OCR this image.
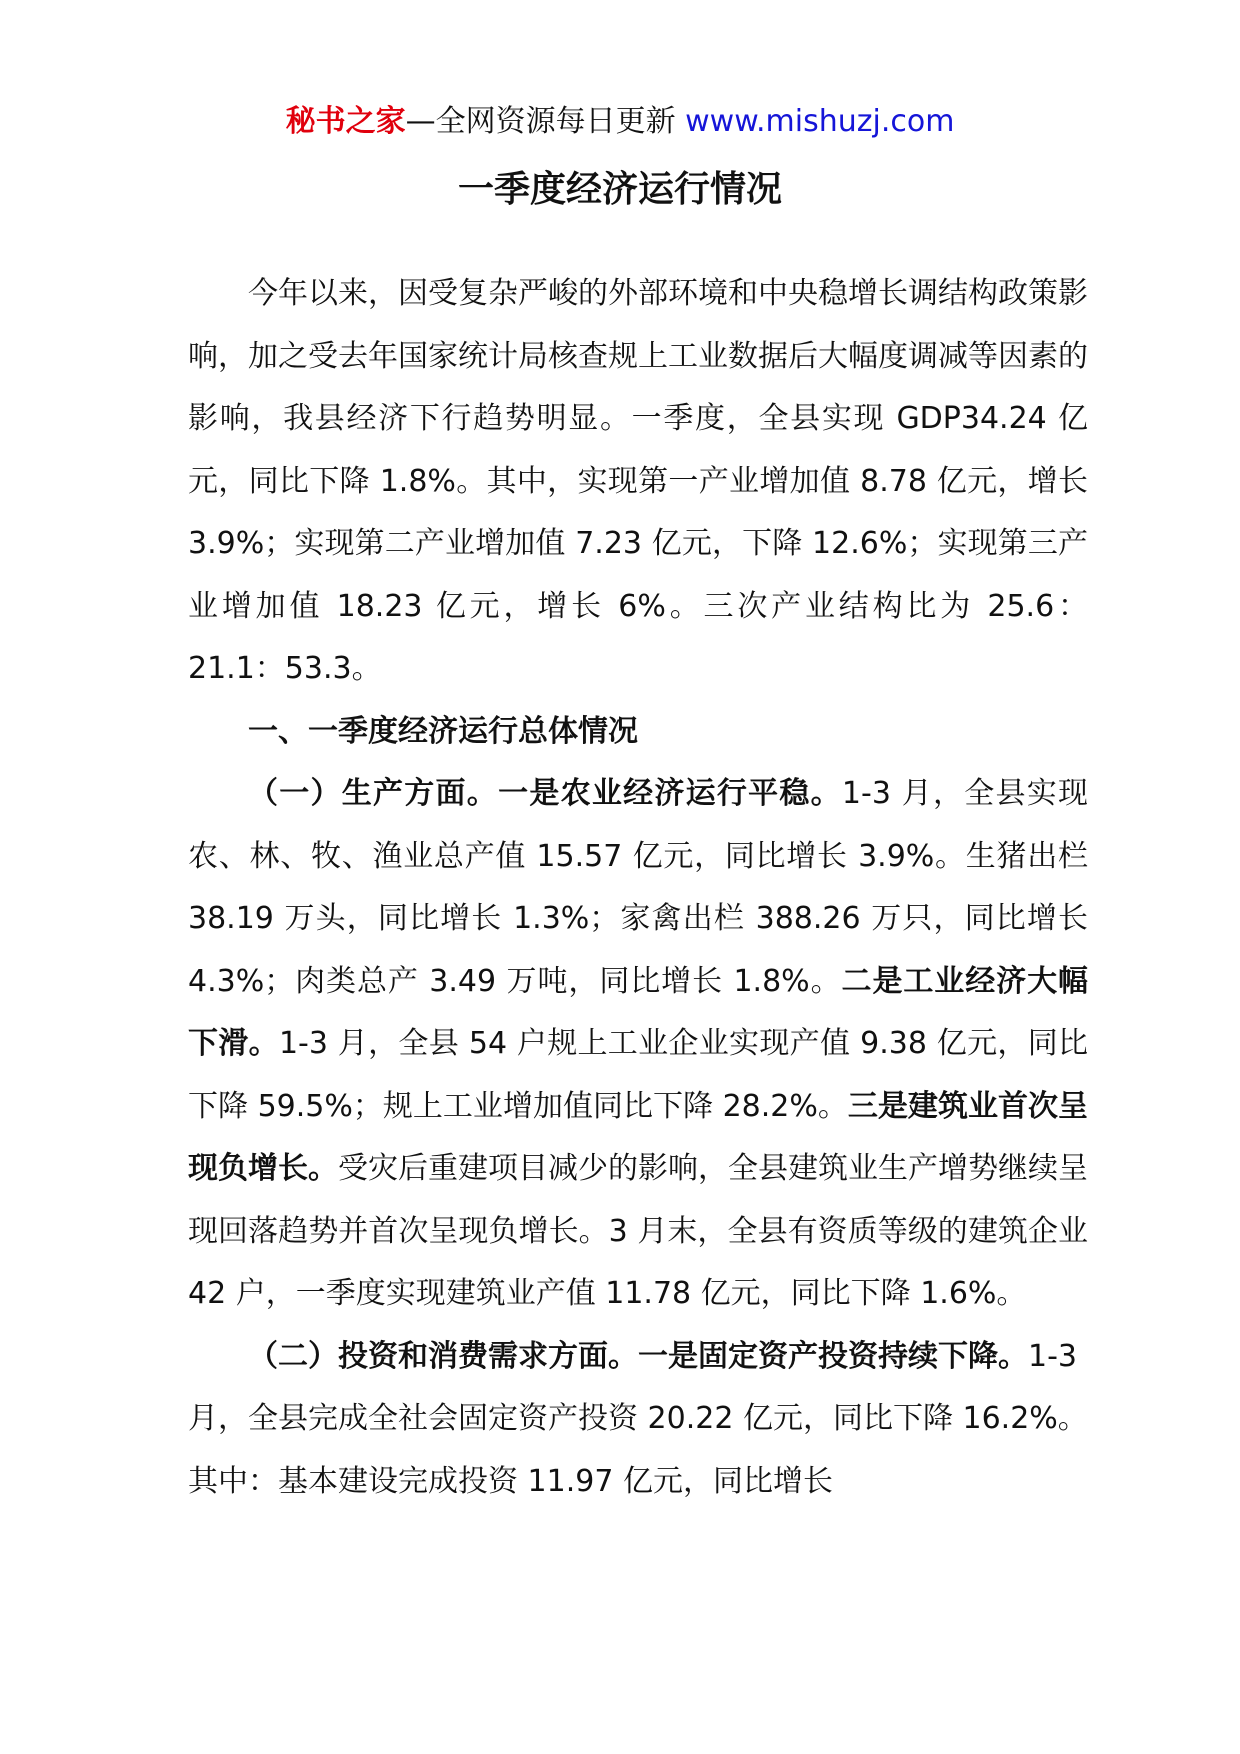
秘书之家—全网资源每日更新 www.mishuzj.com
一季度经济运行情况

今年以来，因受复杂严峻的外部环境和中央稳增长调结构政策影响，加之受去年国家统计局核查规上工业数据后大幅度调减等因素的影响，我县经济下行趋势明显。一季度，全县实现 GDP34.24 亿元，同比下降 1.8%。其中，实现第一产业增加值 8.78 亿元，增长 3.9%；实现第二产业增加值 7.23 亿元，下降 12.6%；实现第三产业增加值 18.23 亿元，增长 6%。三次产业结构比为 25.6：21.1：53.3。

一、一季度经济运行总体情况

（一）生产方面。一是农业经济运行平稳。1-3 月，全县实现农、林、牧、渔业总产值 15.57 亿元，同比增长 3.9%。生猪出栏 38.19 万头，同比增长 1.3%；家禽出栏 388.26 万只，同比增长 4.3%；肉类总产 3.49 万吨，同比增长 1.8%。二是工业经济大幅下滑。1-3 月，全县 54 户规上工业企业实现产值 9.38 亿元，同比下降 59.5%；规上工业增加值同比下降 28.2%。三是建筑业首次呈现负增长。受灾后重建项目减少的影响，全县建筑业生产增势继续呈现回落趋势并首次呈现负增长。3 月末，全县有资质等级的建筑企业 42 户，一季度实现建筑业产值 11.78 亿元，同比下降 1.6%。

（二）投资和消费需求方面。一是固定资产投资持续下降。1-3 月，全县完成全社会固定资产投资 20.22 亿元，同比下降 16.2%。其中：基本建设完成投资 11.97 亿元，同比增长
